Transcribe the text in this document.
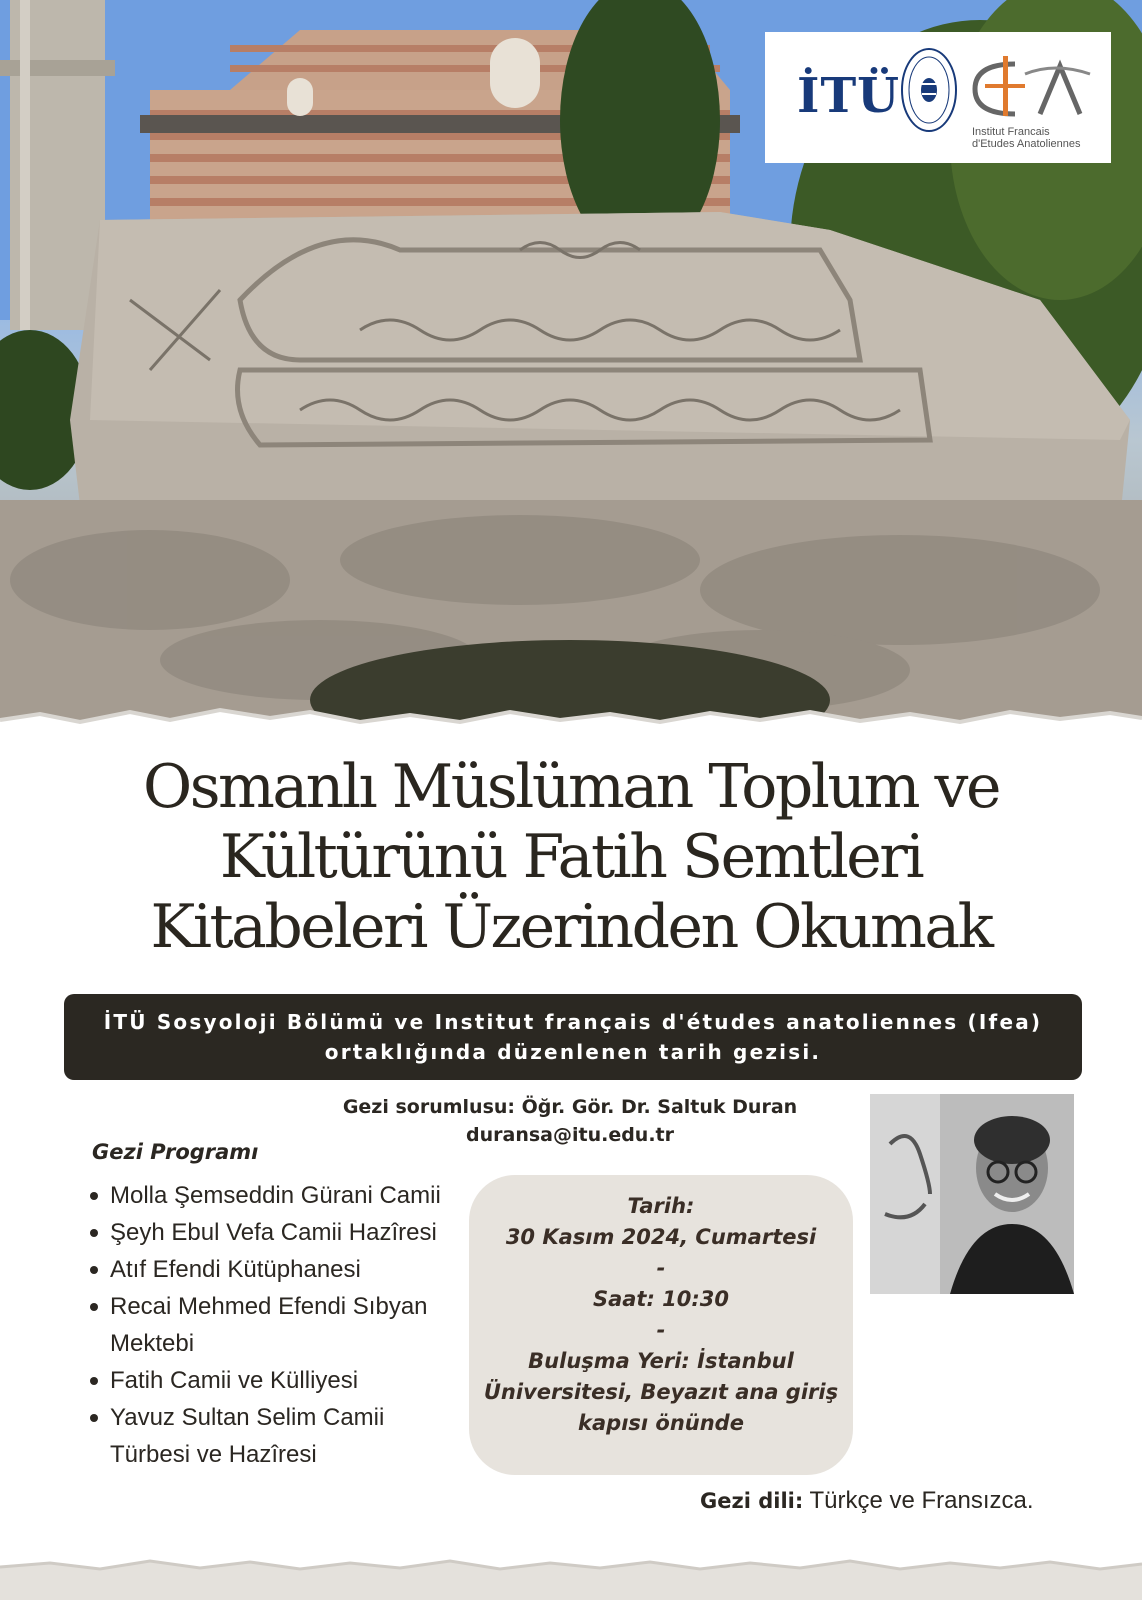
İTÜ
Institut Francais
d'Etudes Anatoliennes
Osmanlı Müslüman Toplum ve
Kültürünü Fatih Semtleri
Kitabeleri Üzerinden Okumak
İTÜ Sosyoloji Bölümü ve Institut français d'études anatoliennes (Ifea)
ortaklığında düzenlenen tarih gezisi.
Gezi sorumlusu: Öğr. Gör. Dr. Saltuk Duran
duransa@itu.edu.tr
Gezi Programı
Molla Şemseddin Gürani Camii
Şeyh Ebul Vefa Camii Hazîresi
Atıf Efendi Kütüphanesi
Recai Mehmed Efendi Sıbyan Mektebi
Fatih Camii ve Külliyesi
Yavuz Sultan Selim Camii Türbesi ve Hazîresi
Tarih:
30 Kasım 2024, Cumartesi
-
Saat: 10:30
-
Buluşma Yeri: İstanbul
Üniversitesi, Beyazıt ana giriş
kapısı önünde
Gezi dili: Türkçe ve Fransızca.
